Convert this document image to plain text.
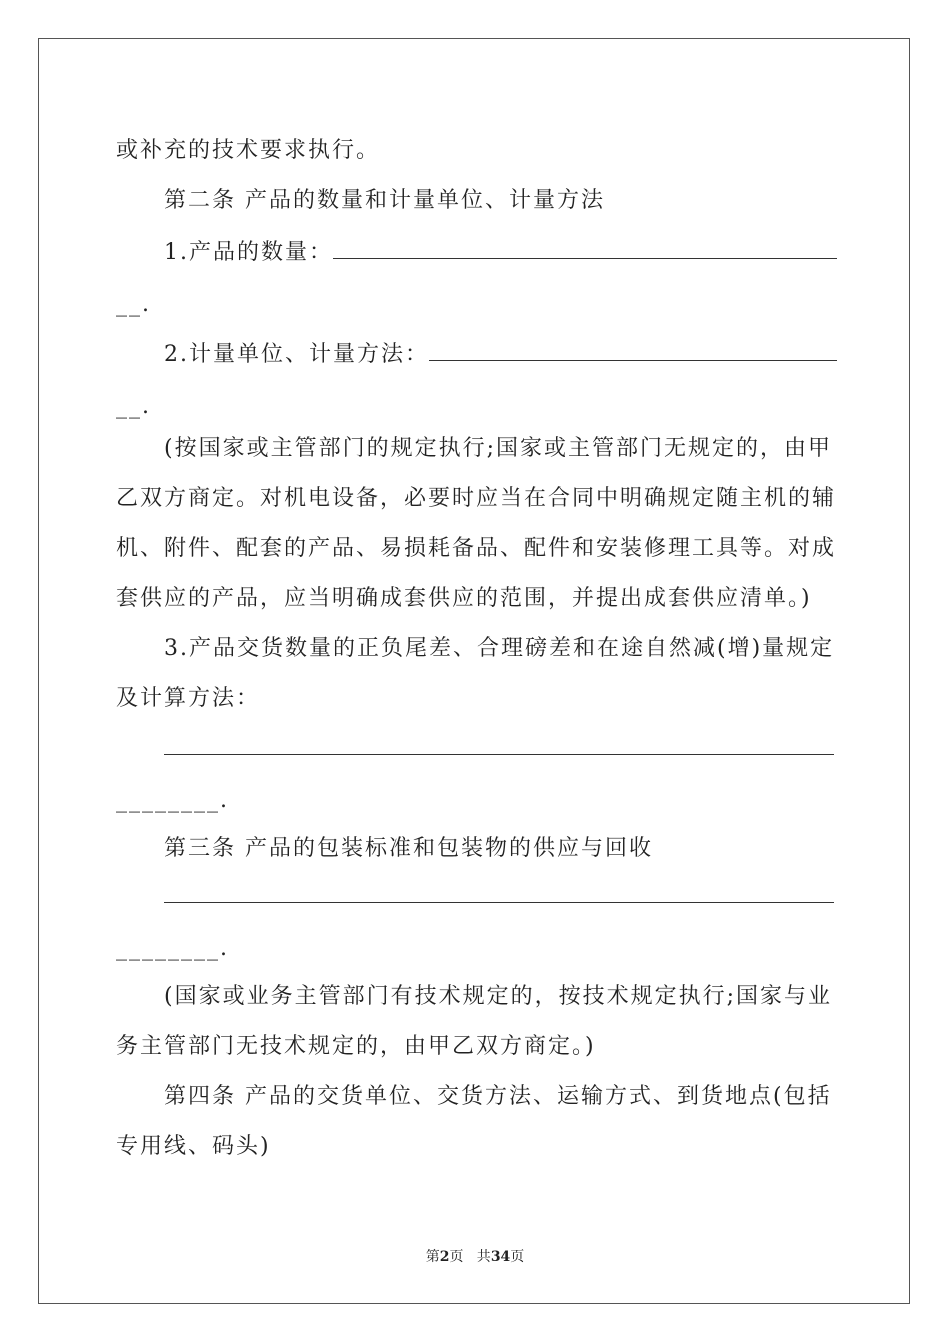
或补充的技术要求执行。
第二条 产品的数量和计量单位、计量方法
1.产品的数量：
__.
2.计量单位、计量方法：
__.
(按国家或主管部门的规定执行;国家或主管部门无规定的，由甲
乙双方商定。对机电设备，必要时应当在合同中明确规定随主机的辅
机、附件、配套的产品、易损耗备品、配件和安装修理工具等。对成
套供应的产品，应当明确成套供应的范围，并提出成套供应清单。)
3.产品交货数量的正负尾差、合理磅差和在途自然减(增)量规定
及计算方法：
________.
第三条 产品的包装标准和包装物的供应与回收
________.
(国家或业务主管部门有技术规定的，按技术规定执行;国家与业
务主管部门无技术规定的，由甲乙双方商定。)
第四条 产品的交货单位、交货方法、运输方式、到货地点(包括
专用线、码头)
第2页   共34页
